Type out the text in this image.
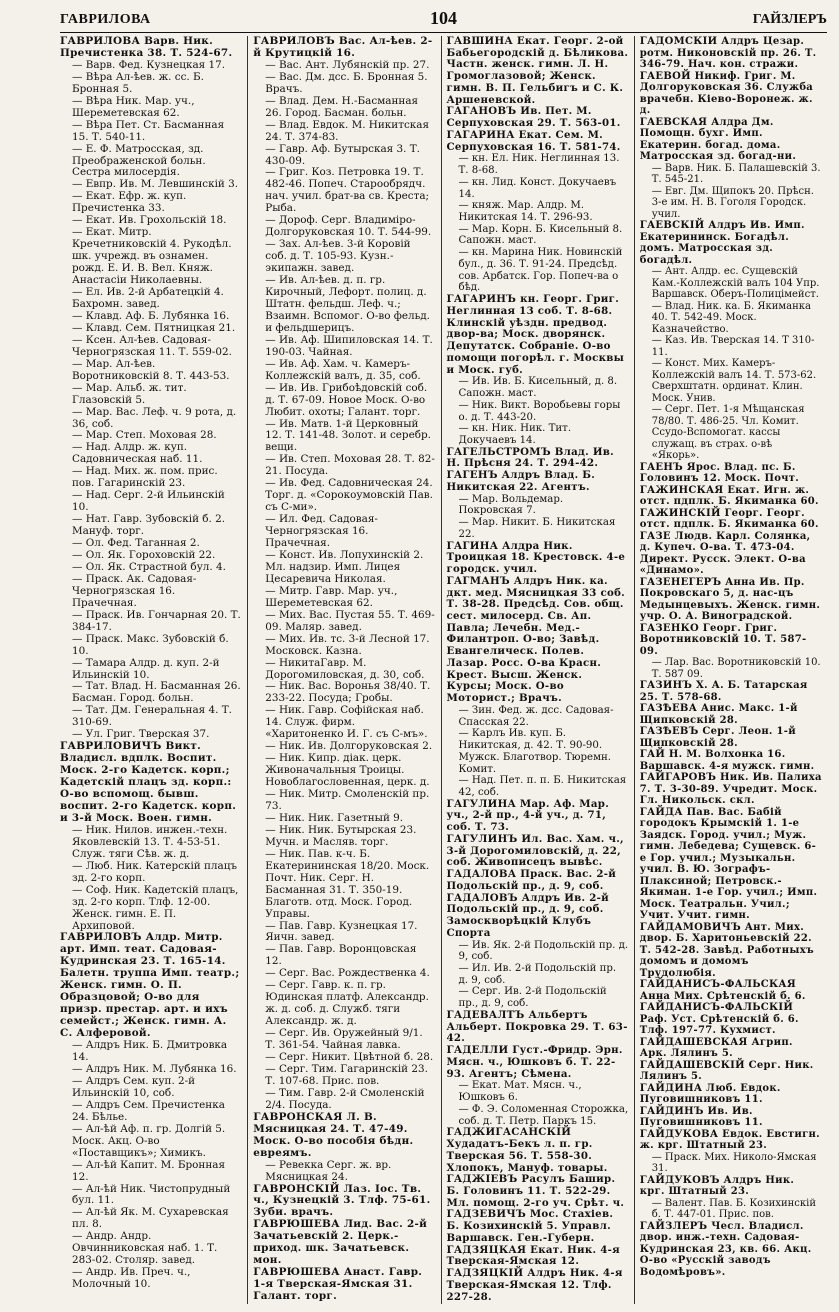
ГАВРИЛОВА	104	ГАЙЗЛЕРЪ

ГАВРИЛОВА Варв. Ник. Пречистенка 38. Т. 524-67.

— Варв. Фед. Кузнецкая 17.

— Вѣра Ал-ѣев. ж. сс. Б. Бронная 5.

— Вѣра Ник. Мар. уч., Шереметевская 62.

— Вѣра Пет. Ст. Басманная 15. Т. 540-11.

— Е. Ф. Матросская, зд. Преображенской больн. Сестра милосердія.

— Евпр. Ив. М. Левшинскій 3.

— Екат. Ефр. ж. куп. Пречистенка 33.

— Екат. Ив. Грохольскій 18.

— Екат. Митр. Кречетниковскій 4. Рукодѣл. шк. учрежд. въ ознамен. рожд. Е. И. В. Вел. Княж. Анастасіи Николаевны.

— Ел. Ив. 2-й Арбатецкій 4. Бахромн. завед.

— Клавд. Аф. Б. Лубянка 16.

— Клавд. Сем. Пятницкая 21.

— Ксен. Ал-ѣев. Садовая-Черногрязская 11. Т. 559-02.

— Мар. Ал-ѣев. Воротниковскій 8. Т. 443-53.

— Мар. Альб. ж. тит. Глазовскій 5.

— Мар. Вас. Леф. ч. 9 рота, д. 36, соб.

— Мар. Степ. Моховая 28.

— Над. Алдр. ж. куп. Садовническая наб. 11.

— Над. Мих. ж. пом. прис. пов. Гагаринскій 23.

— Над. Серг. 2-й Ильинскій 10.

— Нат. Гавр. Зубовскій б. 2. Мануф. торг.

— Ол. Фед. Таганная 2.

— Ол. Як. Гороховскій 22.

— Ол. Як. Страстной бул. 4.

— Праск. Ак. Садовая-Черногрязская 16. Прачечная.

— Праск. Ив. Гончарная 20. Т. 384-17.

— Праск. Макс. Зубовскій б. 10.

— Тамара Алдр. д. куп. 2-й Ильинскій 10.

— Тат. Влад. Н. Басманная 26. Басман. Город. больн.

— Тат. Дм. Генеральная 4. Т. 310-69.

— Ул. Григ. Тверская 37.

ГАВРИЛОВИЧЪ Викт. Владисл. вдплк. Воспит. Моск. 2-го Кадетск. корп.; Кадетскій плацъ зд. корп.: О-во вспомощ. бывш. воспит. 2-го Кадетск. корп. и 3-й Моск. Воен. гимн.

— Ник. Нилов. инжен.-техн. Яковлевскій 13. Т. 4-53-51. Служ. тяги Сѣв. ж. д.

— Люб. Ник. Катерскій плацъ зд. 2-го корп.

— Соф. Ник. Кадетскій плацъ, зд. 2-го корп. Тлф. 12-00. Женск. гимн. Е. П. Архиповой.

ГАВРИЛОВЪ Алдр. Митр. арт. Имп. теат. Садовая-Кудринская 23. Т. 165-14. Балетн. труппа Имп. театр.; Женск. гимн. О. П. Образцовой; О-во для призр. престар. арт. и ихъ семейст.; Женск. гимн. А. С. Алферовой.

— Алдръ Ник. Б. Дмитровка 14.

— Алдръ Ник. М. Лубянка 16.

— Алдръ Сем. куп. 2-й Ильинскій 10, соб.

— Алдръ Сем. Пречистенка 24. Бѣлье.

— Ал-ѣй Аф. п. гр. Долгій 5. Моск. Акц. О-во «Поставщикъ»; Химикъ.

— Ал-ѣй Капит. М. Бронная 12.

— Ал-ѣй Ник. Чистопрудный бул. 11.

— Ал-ѣй Як. М. Сухаревская пл. 8.

— Андр. Андр. Овчинниковская наб. 1. Т. 283-02. Столяр. завед.

— Андр. Ив. Преч. ч., Молочный 10.

ГАВРИЛОВЪ Вас. Ал-ѣев. 2-й Крутицкій 16.

— Вас. Ант. Лубянскій пр. 27.

— Вас. Дм. дсс. Б. Бронная 5. Врачъ.

— Влад. Дем. Н.-Басманная 26. Город. Басман. больн.

— Влад. Евдок. М. Никитская 24. Т. 374-83.

— Гавр. Аф. Бутырская 3. Т. 430-09.

— Григ. Коз. Петровка 19. Т. 482-46. Попеч. Старообрядч. нач. учил. брат-ва св. Креста; Рыба.

— Дороф. Серг. Владиміро-Долгоруковская 10. Т. 544-99.

— Зах. Ал-ѣев. 3-й Коровій соб. д. Т. 105-93. Кузн.-экипажн. завед.

— Ив. Ал-ѣев. д. п. гр. Кирочный, Лефорт. полиц. д. Штатн. фельдш. Леф. ч.; Взаимн. Вспомог. О-во фельд. и фельдшерицъ.

— Ив. Аф. Шипиловская 14. Т. 190-03. Чайная.

— Ив. Аф. Хам. ч. Камеръ-Коллежскій валъ, д. 35, соб.

— Ив. Ив. Грибоѣдовскій соб. д. Т. 67-09. Новое Моск. О-во Любит. охоты; Галант. торг.

— Ив. Матв. 1-й Церковный 12. Т. 141-48. Золот. и серебр. вещи.

— Ив. Степ. Моховая 28. Т. 82-21. Посуда.

— Ив. Фед. Садовническая 24. Торг. д. «Сорокоумовскій Пав. съ С-ми».

— Ил. Фед. Садовая-Черногрязская 16. Прачечная.

— Конст. Ив. Лопухинскій 2. Мл. надзир. Имп. Лицея Цесаревича Николая.

— Митр. Гавр. Мар. уч., Шереметевская 62.

— Мих. Вас. Пустая 55. Т. 469-09. Маляр. завед.

— Мих. Ив. тс. 3-й Лесной 17. Московск. Казна.

— НикитаГавр. М. Дорогомиловская, д. 30, соб.

— Ник. Вас. Воронья 38/40. Т. 233-22. Посуда; Гробы.

— Ник. Гавр. Софійская наб. 14. Служ. фирм. «Харитоненко И. Г. съ С-мъ».

— Ник. Ив. Долгоруковская 2.

— Ник. Кипр. діак. церк. Живоначальныя Троицы. Новоблагословенная, церк. д.

— Ник. Митр. Смоленскій пр. 73.

— Ник. Ник. Газетный 9.

— Ник. Ник. Бутырская 23. Мучн. и Масляв. торг.

— Ник. Пав. к-ч. Б. Екатерининская 18/20. Моск. Почт. Ник. Серг. Н. Басманная 31. Т. 350-19. Благотв. отд. Моск. Город. Управы.

— Пав. Гавр. Кузнецкая 17. Яичн. завед.

— Пав. Гавр. Воронцовская 12.

— Серг. Вас. Рождественка 4.

— Серг. Гавр. к. п. гр. Юдинская платф. Александр. ж. д. соб. д. Служб. тяги Александр. ж. д.

— Серг. Ив. Оружейный 9/1. Т. 361-54. Чайная лавка.

— Серг. Никит. Цвѣтной б. 28.

— Серг. Тим. Гагаринскій 23. Т. 107-68. Прис. пов.

— Тим. Гавр. 2-й Смоленскій 2/4. Посуда.

ГАВРОНСКАЯ Л. В. Мясницкая 24. Т. 47-49. Моск. О-во пособія бѣдн. евреямъ.

— Ревекка Серг. ж. вр. Мясницкая 24.

ГАВРОНСКІЙ Лаз. Іос. Тв. ч., Кузнецкій 3. Тлф. 75-61. Зуби. врачъ.

ГАВРЮШЕВА Лид. Вас. 2-й Зачатьевскій 2. Церк.-приход. шк. Зачатьевск. мон.

ГАВРЮШЕВА Анаст. Гавр. 1-я Тверская-Ямская 31. Галант. торг.

ГАВШИНА Екат. Георг. 2-ой Бабьегородскій д. Бѣликова. Частн. женск. гимн. Л. Н. Громоглазовой; Женск. гимн. В. П. Гельбигъ и С. К. Аршеневской.

ГАГАНОВЪ Ив. Пет. М. Серпуховская 29. Т. 563-01.

ГАГАРИНА Екат. Сем. М. Серпуховская 16. Т. 581-74.

— кн. Ел. Ник. Неглинная 13. Т. 8-68.

— кн. Лид. Конст. Докучаевъ 14.

— княж. Мар. Алдр. М. Никитская 14. Т. 296-93.

— Мар. Корн. Б. Кисельный 8. Сапожн. маст.

— кн. Марина Ник. Новинскій бул., д. 36. Т. 91-24. Предсѣд. сов. Арбатск. Гор. Попеч-ва о бѣд.

ГАГАРИНЪ кн. Георг. Григ. Неглинная 13 соб. Т. 8-68. Клинскій уѣздн. предвод. двор-ва; Моск. дворянск. Депутатск. Собраніе. О-во помощи погорѣл. г. Москвы и Моск. губ.

— Ив. Ив. Б. Кисельный, д. 8. Сапожн. маст.

— Ник. Викт. Воробьевы горы о. д. Т. 443-20.

— кн. Ник. Ник. Тит. Докучаевъ 14.

ГАГЕЛЬСТРОМЪ Влад. Ив. Н. Прѣсня 24. Т. 294-42.

ГАГЕНЪ Алдръ Влад. Б. Никитская 22. Агентъ.

— Мар. Вольдемар. Покровская 7.

— Мар. Никит. Б. Никитская 22.

ГАГИНА Алдра Ник. Троицкая 18. Крестовск. 4-е городск. учил.

ГАГМАНЪ Алдръ Ник. ка. дкт. мед. Мясницкая 33 соб. Т. 38-28. Предсѣд. Сов. общ. сест. милосерд. Св. Ап. Павла; Лечебн. Мед.-Филантроп. О-во; Завѣд. Евангелическ. Полев. Лазар. Росс. О-ва Красн. Крест. Высш. Женск. Курсы; Моск. О-во Моторист.; Врачъ.

— Зин. Фед. ж. дсс. Садовая-Спасская 22.

— Карлъ Ив. куп. Б. Никитская, д. 42. Т. 90-90. Мужск. Благотвор. Тюремн. Комит.

— Над. Пет. п. п. Б. Никитская 42, соб.

ГАГУЛИНА Мар. Аф. Мар. уч., 2-й пр., 4-й уч., д. 71, соб. Т. 73.

ГАГУЛИНЪ Ил. Вас. Хам. ч., 3-й Дорогомиловскій, д. 22, соб. Живописецъ вывѣс.

ГАДАЛОВА Праск. Вас. 2-й Подольскій пр., д. 9, соб.

ГАДАЛОВЪ Алдръ Ив. 2-й Подольскій пр., д. 9, соб. Замоскворѣцкій Клубъ Спорта

— Ив. Як. 2-й Подольскій пр. д. 9, соб.

— Ил. Ив. 2-й Подольскій пр. д. 9, соб.

— Серг. Ив. 2-й Подольскій пр., д. 9, соб.

ГАДЕВАЛТЪ Альбертъ Альберт. Покровка 29. Т. 63-42.

ГАДЕЛЛИ Густ.-Фридр. Эрн. Мясн. ч., Юшковъ б. Т. 22-93. Агентъ; Сѣмена.

— Екат. Мат. Мясн. ч., Юшковъ 6.

— Ф. Э. Соломенная Сторожка, соб. д. Т. Петр. Паркъ 15.

ГАДЖИГАСАНСКІЙ Худадатъ-Бекъ л. п. гр. Тверская 56. Т. 558-30. Хлопокъ, Мануф. товары.

ГАДЖІЕВЪ Расулъ Башир. Б. Головинъ 11. Т. 522-29. Мл. помощ. 2-го уч. Срѣт. ч.

ГАДЗЕВИЧЪ Мос. Стахіев. Б. Козихинскій 5. Управл. Варшавск. Ген.-Губерн.

ГАДЗЯЦКАЯ Екат. Ник. 4-я Тверская-Ямская 12.

ГАДЗЯЦКІЙ Алдръ Ник. 4-я Тверская-Ямская 12. Тлф. 227-28.

ГАДОМСКІЙ Алдръ Цезар. ротм. Никоновскій пр. 26. Т. 346-79. Нач. кон. стражи.

ГАЕВОЙ Никиф. Григ. М. Долгоруковская 36. Служба врачебн. Кіево-Воронеж. ж. д.

ГАЕВСКАЯ Алдра Дм. Помощн. бухг. Имп. Екатерин. богад. дома. Матросская зд. богад-ни.

— Варв. Ник. Б. Палашевскій 3. Т. 545-21.

— Евг. Дм. Щипокъ 20. Прѣсн. 3-е им. Н. В. Гоголя Городск. учил.

ГАЕВСКІЙ Алдръ Ив. Имп. Екатерининск. Богадѣл. домъ. Матросская зд. богадѣл.

— Ант. Алдр. ес. Сущевскій Кам.-Коллежскій валъ 104 Упр. Варшавск. Оберъ-Полицімейст.

— Влад. Ник. ка. Б. Якиманка 40. Т. 542-49. Моск. Казначейство.

— Каз. Ив. Тверская 14. Т 310-11.

— Конст. Мих. Камеръ-Коллежскій валъ 14. Т. 573-62. Сверхштатн. ординат. Клин. Моск. Унив.

— Серг. Пет. 1-я Мѣщанская 78/80. Т. 486-25. Чл. Комит. Ссудо-Вспомогат. кассы служащ. въ страх. о-вѣ «Якорь».

ГАЕНЪ Ярос. Влад. пс. Б. Головинъ 12. Моск. Почт.

ГАЖИНСКАЯ Екат. Игн. ж. отст. пдплк. Б. Якиманка 60.

ГАЖИНСКІЙ Георг. Георг. отст. пдплк. Б. Якиманка 60.

ГАЗЕ Людв. Карл. Солянка, д. Купеч. О-ва. Т. 473-04. Директ. Русск. Элект. О-ва «Динамо».

ГАЗЕНЕГЕРЪ Анна Ив. Пр. Покровскаго 5, д. нас-цъ Медынцевыхъ. Женск. гимн. учр. О. А. Виноградской.

ГАЗЕНКО Георг. Григ. Воротниковскій 10. Т. 587-09.

— Лар. Вас. Воротниковскій 10. Т. 587 09.

ГАЗИНЪ Х. А. Б. Татарская 25. Т. 578-68.

ГАЗѢЕВА Анис. Макс. 1-й Щипковскій 28.

ГАЗѢЕВЪ Серг. Леон. 1-й Щипковскій 28.

ГАЙ Н. М. Волхонка 16. Варшавск. 4-я мужск. гимн.

ГАЙГАРОВЪ Ник. Ив. Палиха 7. Т. 3-30-89. Учредит. Моск. Гл. Никольск. скл.

ГАЙДА Пав. Вас. Бабій городокъ Крымскій 1. 1-е Заядск. Город. учил.; Муж. гимн. Лебедева; Сущевск. 6-е Гор. учил.; Музыкальн. учил. В. Ю. Зографъ-Плаксиной; Петровск.-Якиман. 1-е Гор. учил.; Имп. Моск. Театральн. Учил.; Учит. Учит. гимн.

ГАЙДАМОВИЧЪ Ант. Мих. двор. Б. Харитоньевскій 22. Т. 542-28. Завѣд. Работныхъ домомъ и домомъ Трудолюбія.

ГАЙДАНИСЪ-ФАЛЬСКАЯ Анна Мих. Срѣтенскій б. 6.

ГАЙДАНИСЪ-ФАЛЬСКІЙ Раф. Уст. Срѣтенскій б. 6. Тлф. 197-77. Кухмист.

ГАЙДАШЕВСКАЯ Агрип. Арк. Лялинъ 5.

ГАЙДАШЕВСКІЙ Серг. Ник. Лялинъ 5.

ГАЙДИНА Люб. Евдок. Пуговишниковъ 11.

ГАЙДИНЪ Ив. Ив. Пуговишниковъ 11.

ГАЙДУКОВА Евдок. Евстигн. ж. крг. Штатный 23.

— Праск. Мих. Николо-Ямская 31.

ГАЙДУКОВЪ Алдръ Ник. крг. Штатный 23.

— Валент. Пав. Б. Козихинскій б. Т. 447-01. Прис. пов.

ГАЙЗЛЕРЪ Чесл. Владисл. двор. инж.-техн. Садовая-Кудринская 23, кв. 66. Акц. О-во «Русскій заводъ Водомѣровъ».
